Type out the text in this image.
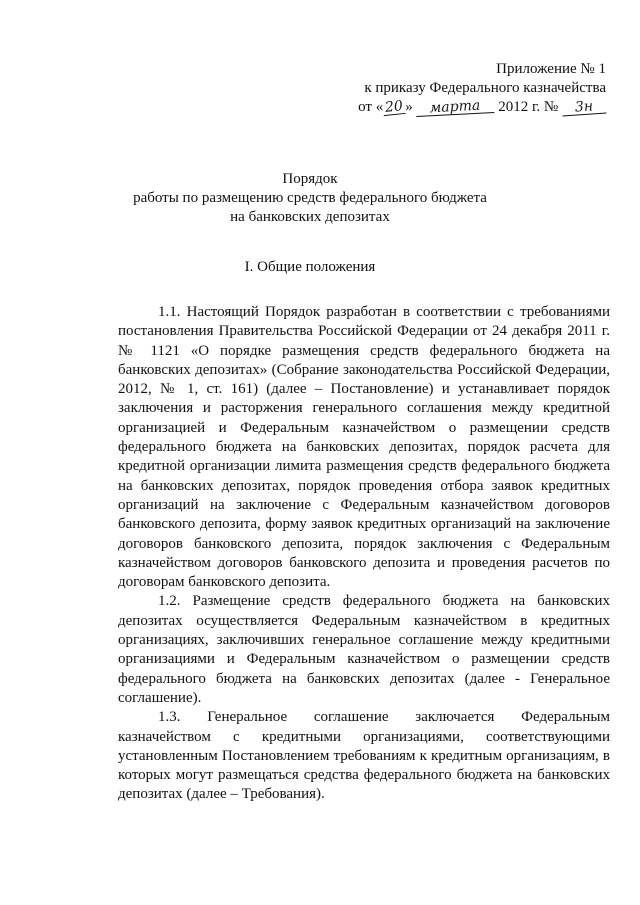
Приложение № 1
к приказу Федерального казначейства
от «20» марта 2012 г. № 3н
Порядок
работы по размещению средств федерального бюджета
на банковских депозитах
I. Общие положения

1.1. Настоящий Порядок разработан в соответствии с требованиями постановления Правительства Российской Федерации от 24 декабря 2011 г. № 1121 «О порядке размещения средств федерального бюджета на банковских депозитах» (Собрание законодательства Российской Федерации, 2012, № 1, ст. 161) (далее – Постановление) и устанавливает порядок заключения и расторжения генерального соглашения между кредитной организацией и Федеральным казначейством о размещении средств федерального бюджета на банковских депозитах, порядок расчета для кредитной организации лимита размещения средств федерального бюджета на банковских депозитах, порядок проведения отбора заявок кредитных организаций на заключение с Федеральным казначейством договоров банковского депозита, форму заявок кредитных организаций на заключение договоров банковского депозита, порядок заключения с Федеральным казначейством договоров банковского депозита и проведения расчетов по договорам банковского депозита.

1.2. Размещение средств федерального бюджета на банковских депозитах осуществляется Федеральным казначейством в кредитных организациях, заключивших генеральное соглашение между кредитными организациями и Федеральным казначейством о размещении средств федерального бюджета на банковских депозитах (далее - Генеральное соглашение).

1.3. Генеральное соглашение заключается Федеральным казначейством с кредитными организациями, соответствующими установленным Постановлением требованиям к кредитным организациям, в которых могут размещаться средства федерального бюджета на банковских депозитах (далее – Требования).
